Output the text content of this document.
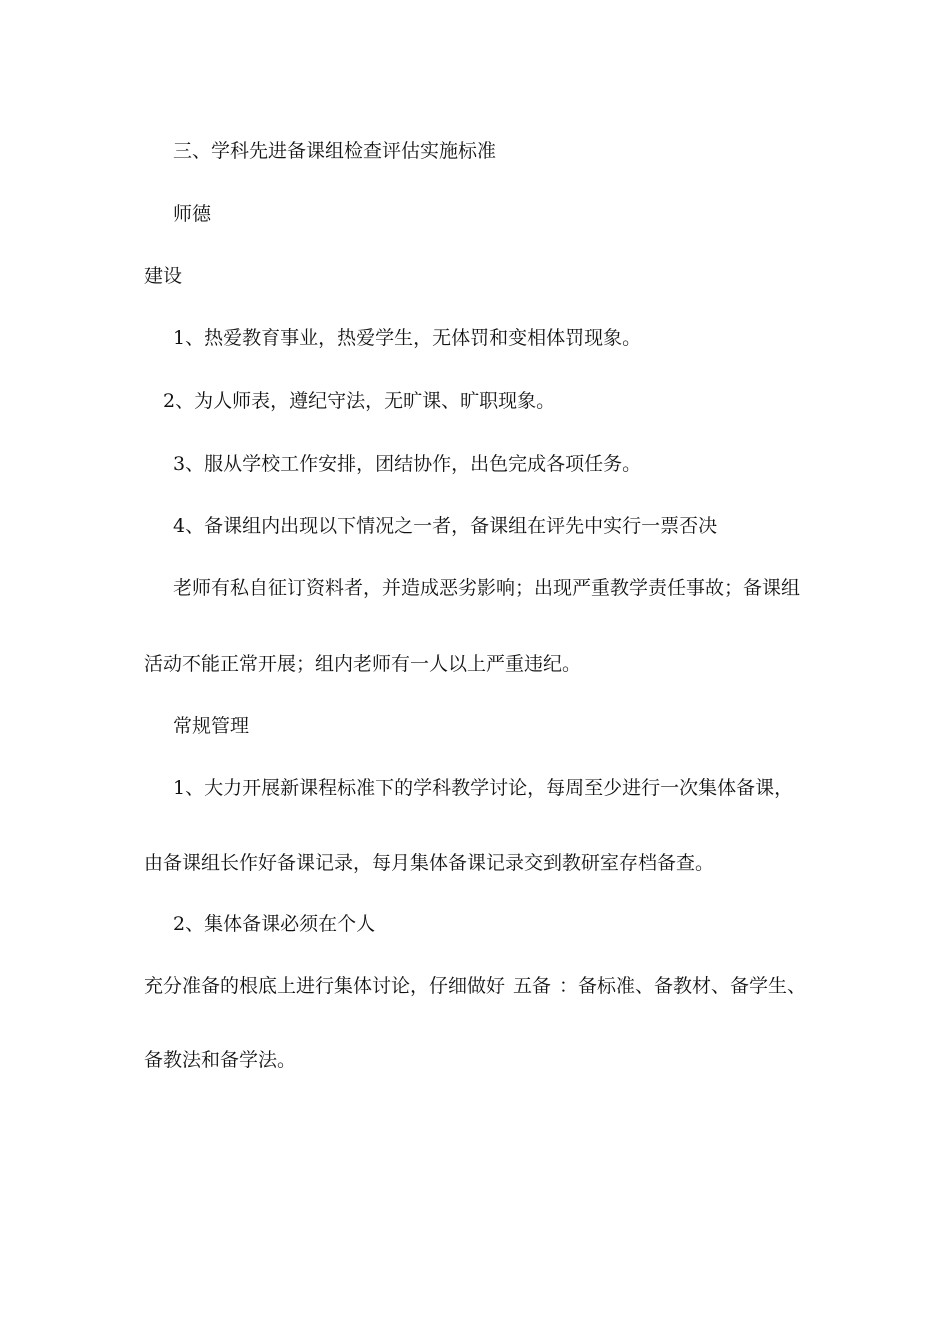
三、学科先进备课组检查评估实施标准

师德

建设

1、热爱教育事业，热爱学生，无体罚和变相体罚现象。

2、为人师表，遵纪守法，无旷课、旷职现象。

3、服从学校工作安排，团结协作，出色完成各项任务。

4、备课组内出现以下情况之一者，备课组在评先中实行一票否决

老师有私自征订资料者，并造成恶劣影响；出现严重教学责任事故；备课组

活动不能正常开展；组内老师有一人以上严重违纪。

常规管理

1、大力开展新课程标准下的学科教学讨论，每周至少进行一次集体备课，

由备课组长作好备课记录，每月集体备课记录交到教研室存档备查。

2、集体备课必须在个人

充分准备的根底上进行集体讨论，仔细做好 五备 ：备标准、备教材、备学生、

备教法和备学法。
